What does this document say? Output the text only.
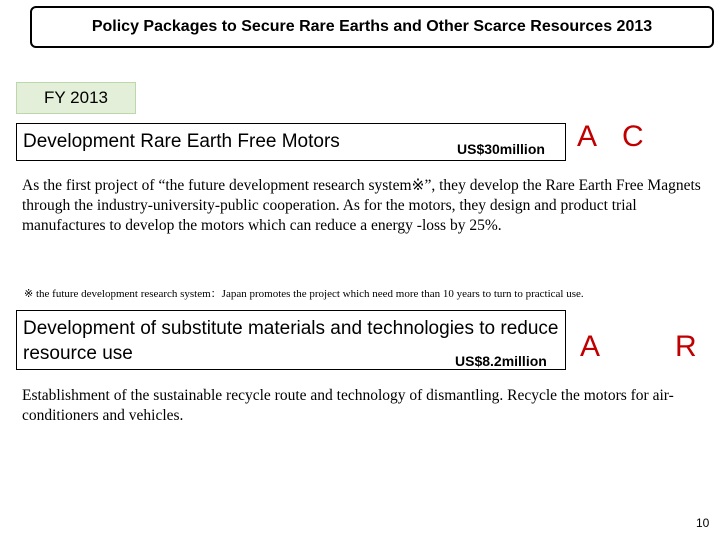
Policy Packages to Secure Rare Earths and Other Scarce Resources 2013
FY 2013
Development Rare Earth Free Motors	US$30million A C
As the first project of “the future development research system※”, they develop the Rare Earth Free Magnets through the industry-university-public cooperation. As for the motors, they design and product trial manufactures to develop the motors which can reduce a energy -loss by 25%.
※ the future development research system：Japan promotes the project which need more than 10 years to turn to practical use.
Development of substitute materials and technologies to reduce resource use	US$8.2million A R
Establishment of the sustainable recycle route and technology of dismantling. Recycle the motors for air-conditioners and vehicles.
10
